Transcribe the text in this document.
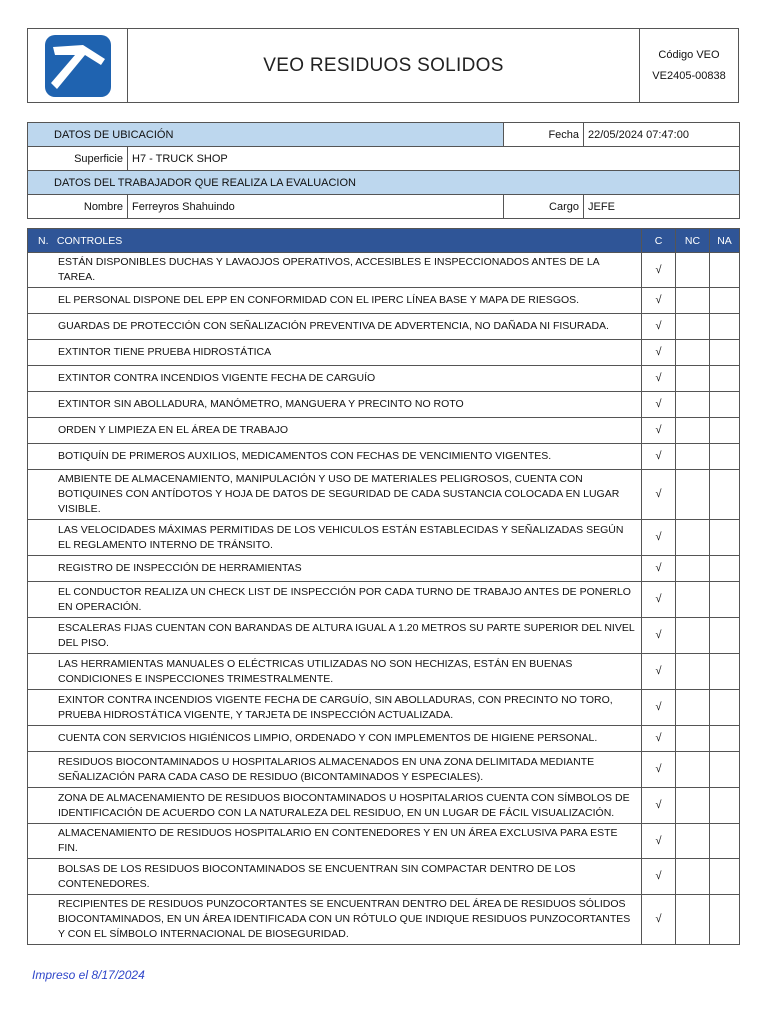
VEO RESIDUOS SOLIDOS	Código VEO
VE2405-00838
DATOS DE UBICACIÓN		Fecha	22/05/2024 07:47:00
Superficie	H7 - TRUCK SHOP		
DATOS DEL TRABAJADOR QUE REALIZA LA EVALUACION			
Nombre	Ferreyros Shahuindo	Cargo	JEFE
N. CONTROLES	C	NC	NA
ESTÁN DISPONIBLES DUCHAS Y LAVAOJOS OPERATIVOS, ACCESIBLES E INSPECCIONADOS ANTES DE LA TAREA.	√		
EL PERSONAL DISPONE DEL EPP EN CONFORMIDAD CON EL IPERC LÍNEA BASE Y MAPA DE RIESGOS.	√		
GUARDAS DE PROTECCIÓN CON SEÑALIZACIÓN PREVENTIVA DE ADVERTENCIA, NO DAÑADA NI FISURADA.	√		
EXTINTOR TIENE PRUEBA HIDROSTÁTICA	√		
EXTINTOR CONTRA INCENDIOS VIGENTE FECHA DE CARGUÍO	√		
EXTINTOR SIN ABOLLADURA, MANÓMETRO, MANGUERA Y PRECINTO NO ROTO	√		
ORDEN Y LIMPIEZA EN EL ÁREA DE TRABAJO	√		
BOTIQUÍN DE PRIMEROS AUXILIOS, MEDICAMENTOS CON FECHAS DE VENCIMIENTO VIGENTES.	√		
AMBIENTE DE ALMACENAMIENTO, MANIPULACIÓN Y USO DE MATERIALES PELIGROSOS, CUENTA CON BOTIQUINES CON ANTÍDOTOS Y HOJA DE DATOS DE SEGURIDAD DE CADA SUSTANCIA COLOCADA EN LUGAR VISIBLE.	√		
LAS VELOCIDADES MÁXIMAS PERMITIDAS DE LOS VEHICULOS ESTÁN ESTABLECIDAS Y SEÑALIZADAS SEGÚN EL REGLAMENTO INTERNO DE TRÁNSITO.	√		
REGISTRO DE INSPECCIÓN DE HERRAMIENTAS	√		
EL CONDUCTOR REALIZA UN CHECK LIST DE INSPECCIÓN POR CADA TURNO DE TRABAJO ANTES DE PONERLO EN OPERACIÓN.	√		
ESCALERAS FIJAS CUENTAN CON BARANDAS DE ALTURA IGUAL A 1.20 METROS SU PARTE SUPERIOR DEL NIVEL DEL PISO.	√		
LAS HERRAMIENTAS MANUALES O ELÉCTRICAS UTILIZADAS NO SON HECHIZAS, ESTÁN EN BUENAS CONDICIONES E INSPECCIONES TRIMESTRALMENTE.	√		
EXINTOR CONTRA INCENDIOS VIGENTE FECHA DE CARGUÍO, SIN ABOLLADURAS, CON PRECINTO NO TORO, PRUEBA HIDROSTÁTICA VIGENTE, Y TARJETA DE INSPECCIÓN ACTUALIZADA.	√		
CUENTA CON SERVICIOS HIGIÉNICOS LIMPIO, ORDENADO Y CON IMPLEMENTOS DE HIGIENE PERSONAL.	√		
RESIDUOS BIOCONTAMINADOS U HOSPITALARIOS ALMACENADOS EN UNA ZONA DELIMITADA MEDIANTE SEÑALIZACIÓN PARA CADA CASO DE RESIDUO (BICONTAMINADOS Y ESPECIALES).	√		
ZONA DE ALMACENAMIENTO DE RESIDUOS BIOCONTAMINADOS U HOSPITALARIOS CUENTA CON SÍMBOLOS DE IDENTIFICACIÓN DE ACUERDO CON LA NATURALEZA DEL RESIDUO, EN UN LUGAR DE FÁCIL VISUALIZACIÓN.	√		
ALMACENAMIENTO DE RESIDUOS HOSPITALARIO EN CONTENEDORES Y EN UN ÁREA EXCLUSIVA PARA ESTE FIN.	√		
BOLSAS DE LOS RESIDUOS BIOCONTAMINADOS SE ENCUENTRAN SIN COMPACTAR DENTRO DE LOS CONTENEDORES.	√		
RECIPIENTES DE RESIDUOS PUNZOCORTANTES SE ENCUENTRAN DENTRO DEL ÁREA DE RESIDUOS SÓLIDOS BIOCONTAMINADOS, EN UN ÁREA IDENTIFICADA CON UN RÓTULO QUE INDIQUE RESIDUOS PUNZOCORTANTES Y CON EL SÍMBOLO INTERNACIONAL DE BIOSEGURIDAD.	√		
Impreso el 8/17/2024
